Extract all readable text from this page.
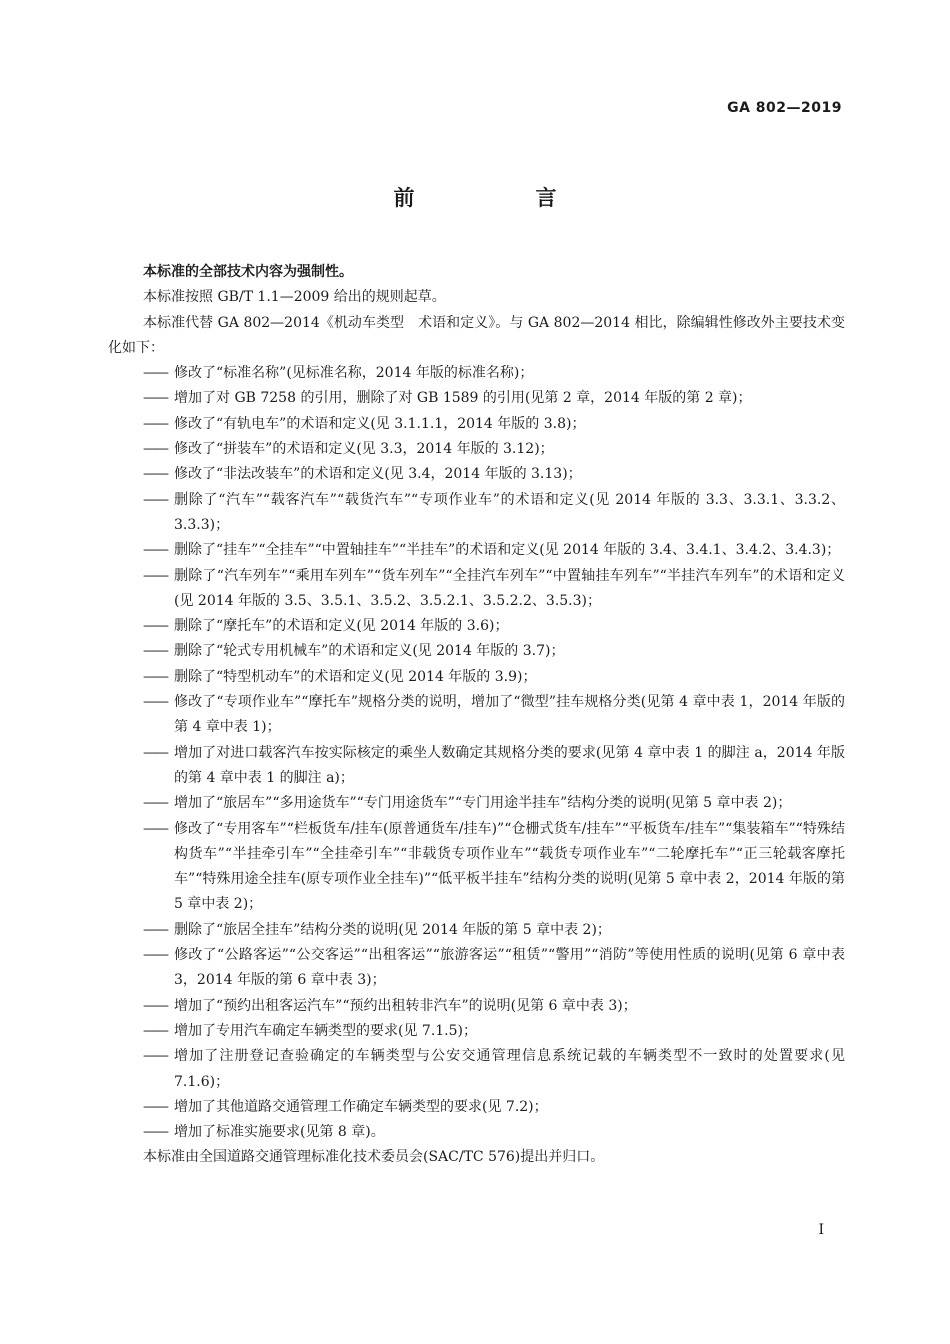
GA 802—2019
前　言

本标准的全部技术内容为强制性。

本标准按照 GB/T 1.1—2009 给出的规则起草。

本标准代替 GA 802—2014《机动车类型　术语和定义》。与 GA 802—2014 相比，除编辑性修改外主要技术变化如下：

—— 修改了“标准名称”(见标准名称，2014 年版的标准名称)；
—— 增加了对 GB 7258 的引用，删除了对 GB 1589 的引用(见第 2 章，2014 年版的第 2 章)；
—— 修改了“有轨电车”的术语和定义(见 3.1.1.1，2014 年版的 3.8)；
—— 修改了“拼装车”的术语和定义(见 3.3，2014 年版的 3.12)；
—— 修改了“非法改装车”的术语和定义(见 3.4，2014 年版的 3.13)；
—— 删除了“汽车”“载客汽车”“载货汽车”“专项作业车”的术语和定义(见 2014 年版的 3.3、3.3.1、3.3.2、3.3.3)；
—— 删除了“挂车”“全挂车”“中置轴挂车”“半挂车”的术语和定义(见 2014 年版的 3.4、3.4.1、3.4.2、3.4.3)；
—— 删除了“汽车列车”“乘用车列车”“货车列车”“全挂汽车列车”“中置轴挂车列车”“半挂汽车列车”的术语和定义(见 2014 年版的 3.5、3.5.1、3.5.2、3.5.2.1、3.5.2.2、3.5.3)；
—— 删除了“摩托车”的术语和定义(见 2014 年版的 3.6)；
—— 删除了“轮式专用机械车”的术语和定义(见 2014 年版的 3.7)；
—— 删除了“特型机动车”的术语和定义(见 2014 年版的 3.9)；
—— 修改了“专项作业车”“摩托车”规格分类的说明，增加了“微型”挂车规格分类(见第 4 章中表 1，2014 年版的第 4 章中表 1)；
—— 增加了对进口载客汽车按实际核定的乘坐人数确定其规格分类的要求(见第 4 章中表 1 的脚注 a，2014 年版的第 4 章中表 1 的脚注 a)；
—— 增加了“旅居车”“多用途货车”“专门用途货车”“专门用途半挂车”结构分类的说明(见第 5 章中表 2)；
—— 修改了“专用客车”“栏板货车/挂车(原普通货车/挂车)”“仓栅式货车/挂车”“平板货车/挂车”“集装箱车”“特殊结构货车”“半挂牵引车”“全挂牵引车”“非载货专项作业车”“载货专项作业车”“二轮摩托车”“正三轮载客摩托车”“特殊用途全挂车(原专项作业全挂车)”“低平板半挂车”结构分类的说明(见第 5 章中表 2，2014 年版的第 5 章中表 2)；
—— 删除了“旅居全挂车”结构分类的说明(见 2014 年版的第 5 章中表 2)；
—— 修改了“公路客运”“公交客运”“出租客运”“旅游客运”“租赁”“警用”“消防”等使用性质的说明(见第 6 章中表 3，2014 年版的第 6 章中表 3)；
—— 增加了“预约出租客运汽车”“预约出租转非汽车”的说明(见第 6 章中表 3)；
—— 增加了专用汽车确定车辆类型的要求(见 7.1.5)；
—— 增加了注册登记查验确定的车辆类型与公安交通管理信息系统记载的车辆类型不一致时的处置要求(见 7.1.6)；
—— 增加了其他道路交通管理工作确定车辆类型的要求(见 7.2)；
—— 增加了标准实施要求(见第 8 章)。

本标准由全国道路交通管理标准化技术委员会(SAC/TC 576)提出并归口。

I
